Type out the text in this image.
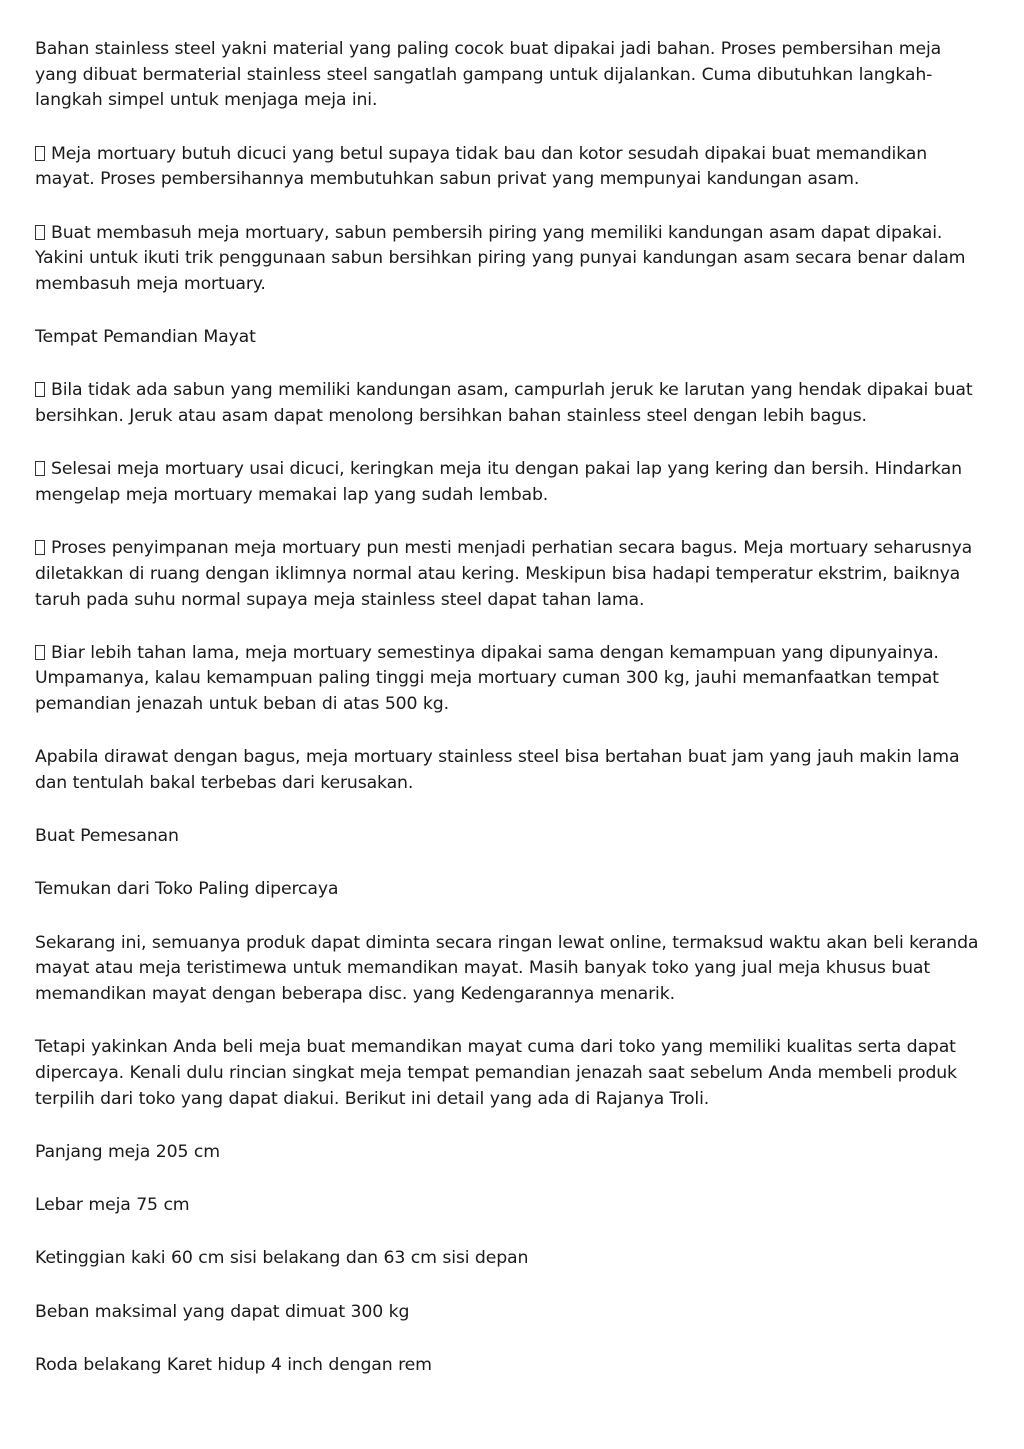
Bahan stainless steel yakni material yang paling cocok buat dipakai jadi bahan. Proses pembersihan meja yang dibuat bermaterial stainless steel sangatlah gampang untuk dijalankan. Cuma dibutuhkan langkah-langkah simpel untuk menjaga meja ini.

Meja mortuary butuh dicuci yang betul supaya tidak bau dan kotor sesudah dipakai buat memandikan mayat. Proses pembersihannya membutuhkan sabun privat yang mempunyai kandungan asam.

Buat membasuh meja mortuary, sabun pembersih piring yang memiliki kandungan asam dapat dipakai. Yakini untuk ikuti trik penggunaan sabun bersihkan piring yang punyai kandungan asam secara benar dalam membasuh meja mortuary.

Tempat Pemandian Mayat

Bila tidak ada sabun yang memiliki kandungan asam, campurlah jeruk ke larutan yang hendak dipakai buat bersihkan. Jeruk atau asam dapat menolong bersihkan bahan stainless steel dengan lebih bagus.

Selesai meja mortuary usai dicuci, keringkan meja itu dengan pakai lap yang kering dan bersih. Hindarkan mengelap meja mortuary memakai lap yang sudah lembab.

Proses penyimpanan meja mortuary pun mesti menjadi perhatian secara bagus. Meja mortuary seharusnya diletakkan di ruang dengan iklimnya normal atau kering. Meskipun bisa hadapi temperatur ekstrim, baiknya taruh pada suhu normal supaya meja stainless steel dapat tahan lama.

Biar lebih tahan lama, meja mortuary semestinya dipakai sama dengan kemampuan yang dipunyainya. Umpamanya, kalau kemampuan paling tinggi meja mortuary cuman 300 kg, jauhi memanfaatkan tempat pemandian jenazah untuk beban di atas 500 kg.

Apabila dirawat dengan bagus, meja mortuary stainless steel bisa bertahan buat jam yang jauh makin lama dan tentulah bakal terbebas dari kerusakan.

Buat Pemesanan

Temukan dari Toko Paling dipercaya

Sekarang ini, semuanya produk dapat diminta secara ringan lewat online, termaksud waktu akan beli keranda mayat atau meja teristimewa untuk memandikan mayat. Masih banyak toko yang jual meja khusus buat memandikan mayat dengan beberapa disc. yang Kedengarannya menarik.

Tetapi yakinkan Anda beli meja buat memandikan mayat cuma dari toko yang memiliki kualitas serta dapat dipercaya. Kenali dulu rincian singkat meja tempat pemandian jenazah saat sebelum Anda membeli produk terpilih dari toko yang dapat diakui. Berikut ini detail yang ada di Rajanya Troli.

Panjang meja 205 cm

Lebar meja 75 cm

Ketinggian kaki 60 cm sisi belakang dan 63 cm sisi depan

Beban maksimal yang dapat dimuat 300 kg

Roda belakang Karet hidup 4 inch dengan rem
